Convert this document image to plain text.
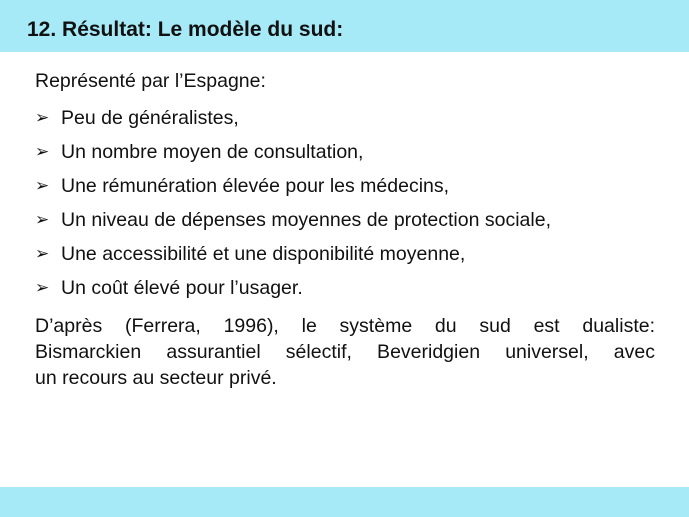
12. Résultat: Le modèle du sud:
Représenté par l’Espagne:
➢ Peu de généralistes,
➢ Un nombre moyen de consultation,
➢ Une rémunération élevée pour les médecins,
➢ Un niveau de dépenses moyennes de protection sociale,
➢ Une accessibilité et une disponibilité moyenne,
➢ Un coût élevé pour l’usager.
D’après (Ferrera, 1996), le système du sud est dualiste:
Bismarckien assurantiel sélectif, Beveridgien universel, avec
un recours au secteur privé.
